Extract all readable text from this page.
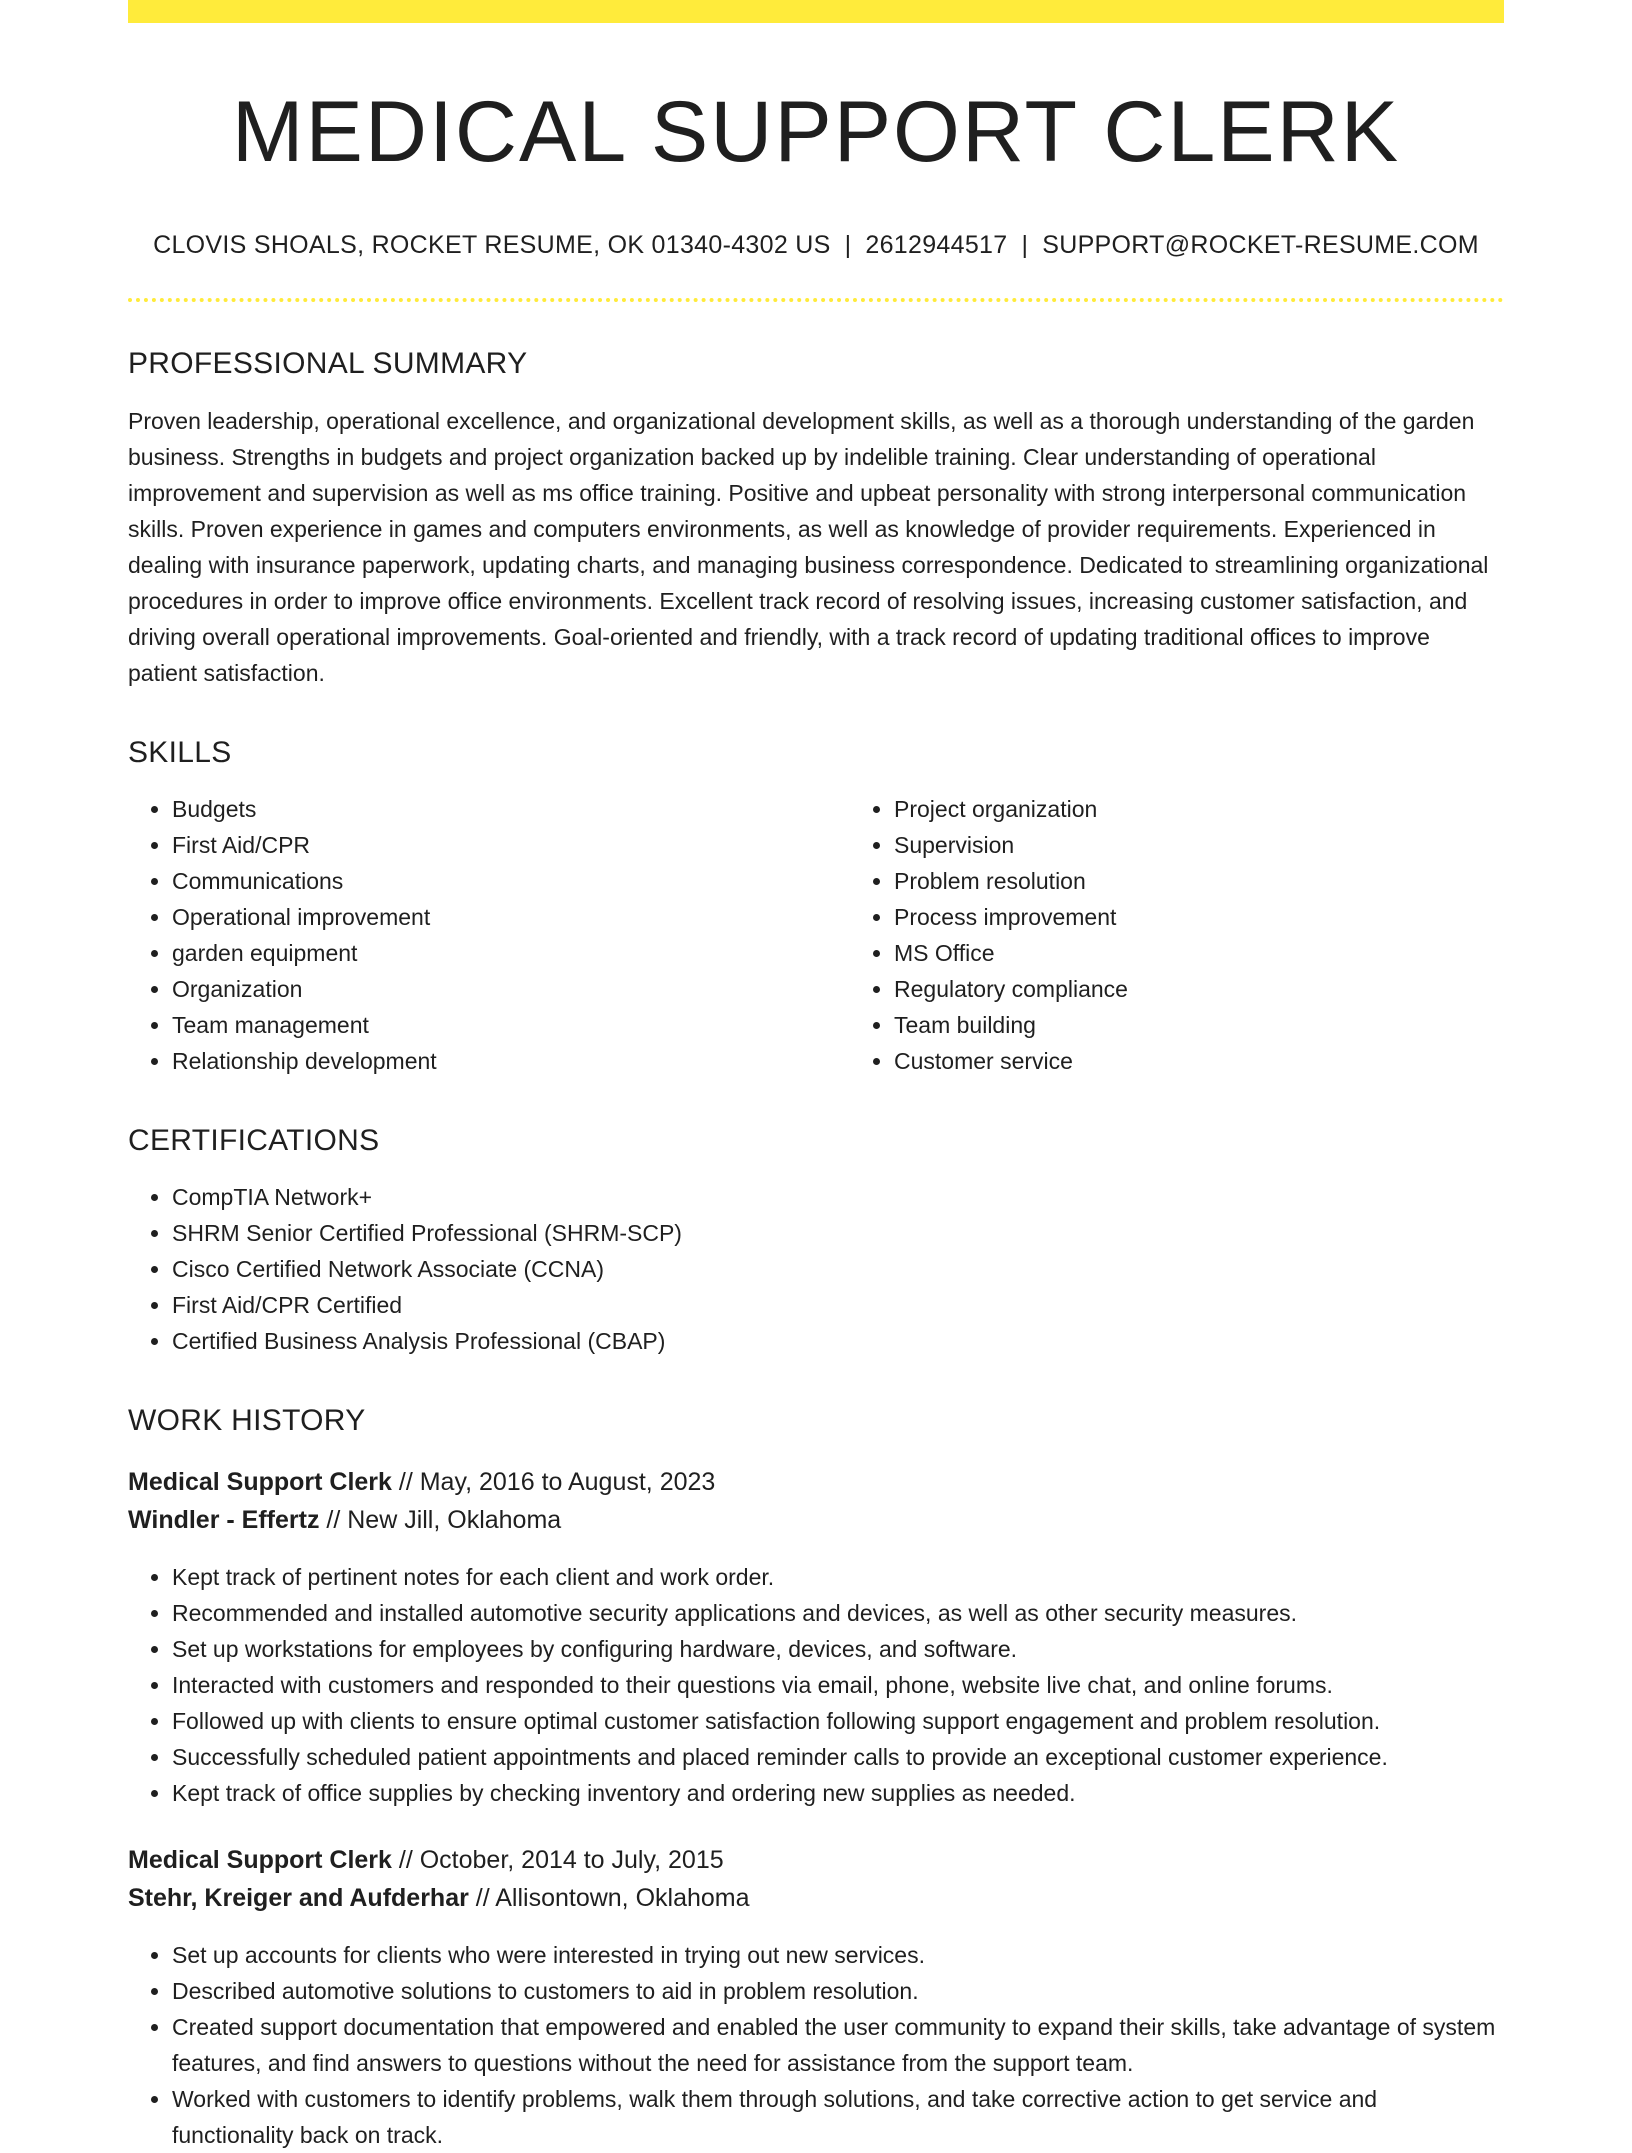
MEDICAL SUPPORT CLERK
CLOVIS SHOALS, ROCKET RESUME, OK 01340-4302 US | 2612944517 | SUPPORT@ROCKET-RESUME.COM
PROFESSIONAL SUMMARY

Proven leadership, operational excellence, and organizational development skills, as well as a thorough understanding of the garden business. Strengths in budgets and project organization backed up by indelible training. Clear understanding of operational improvement and supervision as well as ms office training. Positive and upbeat personality with strong interpersonal communication skills. Proven experience in games and computers environments, as well as knowledge of provider requirements. Experienced in dealing with insurance paperwork, updating charts, and managing business correspondence. Dedicated to streamlining organizational procedures in order to improve office environments. Excellent track record of resolving issues, increasing customer satisfaction, and driving overall operational improvements. Goal-oriented and friendly, with a track record of updating traditional offices to improve patient satisfaction.

SKILLS
• Budgets
• First Aid/CPR
• Communications
• Operational improvement
• garden equipment
• Organization
• Team management
• Relationship development
• Project organization
• Supervision
• Problem resolution
• Process improvement
• MS Office
• Regulatory compliance
• Team building
• Customer service
CERTIFICATIONS
• CompTIA Network+
• SHRM Senior Certified Professional (SHRM-SCP)
• Cisco Certified Network Associate (CCNA)
• First Aid/CPR Certified
• Certified Business Analysis Professional (CBAP)
WORK HISTORY
Medical Support Clerk // May, 2016 to August, 2023
Windler - Effertz // New Jill, Oklahoma
• Kept track of pertinent notes for each client and work order.
• Recommended and installed automotive security applications and devices, as well as other security measures.
• Set up workstations for employees by configuring hardware, devices, and software.
• Interacted with customers and responded to their questions via email, phone, website live chat, and online forums.
• Followed up with clients to ensure optimal customer satisfaction following support engagement and problem resolution.
• Successfully scheduled patient appointments and placed reminder calls to provide an exceptional customer experience.
• Kept track of office supplies by checking inventory and ordering new supplies as needed.
Medical Support Clerk // October, 2014 to July, 2015
Stehr, Kreiger and Aufderhar // Allisontown, Oklahoma
• Set up accounts for clients who were interested in trying out new services.
• Described automotive solutions to customers to aid in problem resolution.
• Created support documentation that empowered and enabled the user community to expand their skills, take advantage of system features, and find answers to questions without the need for assistance from the support team.
• Worked with customers to identify problems, walk them through solutions, and take corrective action to get service and functionality back on track.
